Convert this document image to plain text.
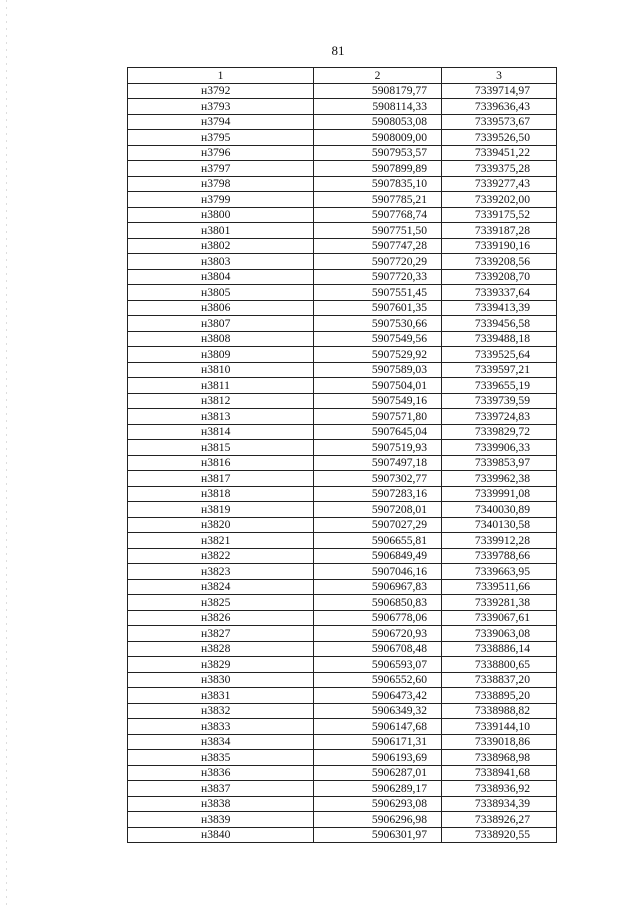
81
1	2	3
н3792	5908179,77	7339714,97
н3793	5908114,33	7339636,43
н3794	5908053,08	7339573,67
н3795	5908009,00	7339526,50
н3796	5907953,57	7339451,22
н3797	5907899,89	7339375,28
н3798	5907835,10	7339277,43
н3799	5907785,21	7339202,00
н3800	5907768,74	7339175,52
н3801	5907751,50	7339187,28
н3802	5907747,28	7339190,16
н3803	5907720,29	7339208,56
н3804	5907720,33	7339208,70
н3805	5907551,45	7339337,64
н3806	5907601,35	7339413,39
н3807	5907530,66	7339456,58
н3808	5907549,56	7339488,18
н3809	5907529,92	7339525,64
н3810	5907589,03	7339597,21
н3811	5907504,01	7339655,19
н3812	5907549,16	7339739,59
н3813	5907571,80	7339724,83
н3814	5907645,04	7339829,72
н3815	5907519,93	7339906,33
н3816	5907497,18	7339853,97
н3817	5907302,77	7339962,38
н3818	5907283,16	7339991,08
н3819	5907208,01	7340030,89
н3820	5907027,29	7340130,58
н3821	5906655,81	7339912,28
н3822	5906849,49	7339788,66
н3823	5907046,16	7339663,95
н3824	5906967,83	7339511,66
н3825	5906850,83	7339281,38
н3826	5906778,06	7339067,61
н3827	5906720,93	7339063,08
н3828	5906708,48	7338886,14
н3829	5906593,07	7338800,65
н3830	5906552,60	7338837,20
н3831	5906473,42	7338895,20
н3832	5906349,32	7338988,82
н3833	5906147,68	7339144,10
н3834	5906171,31	7339018,86
н3835	5906193,69	7338968,98
н3836	5906287,01	7338941,68
н3837	5906289,17	7338936,92
н3838	5906293,08	7338934,39
н3839	5906296,98	7338926,27
н3840	5906301,97	7338920,55
